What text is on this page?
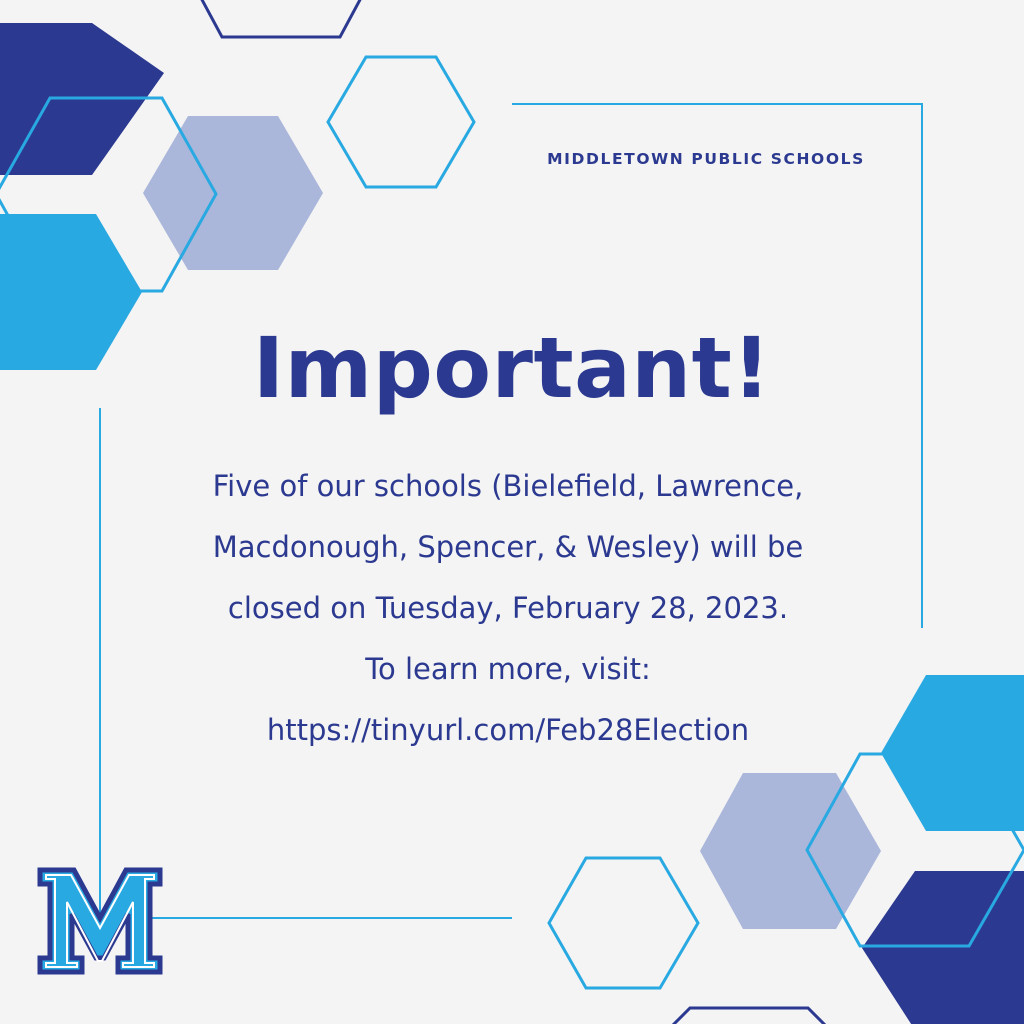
MIDDLETOWN PUBLIC SCHOOLS
Important!
Five of our schools (Bielefield, Lawrence,
Macdonough, Spencer, & Wesley) will be
closed on Tuesday, February 28, 2023.
To learn more, visit:
https://tinyurl.com/Feb28Election
M
